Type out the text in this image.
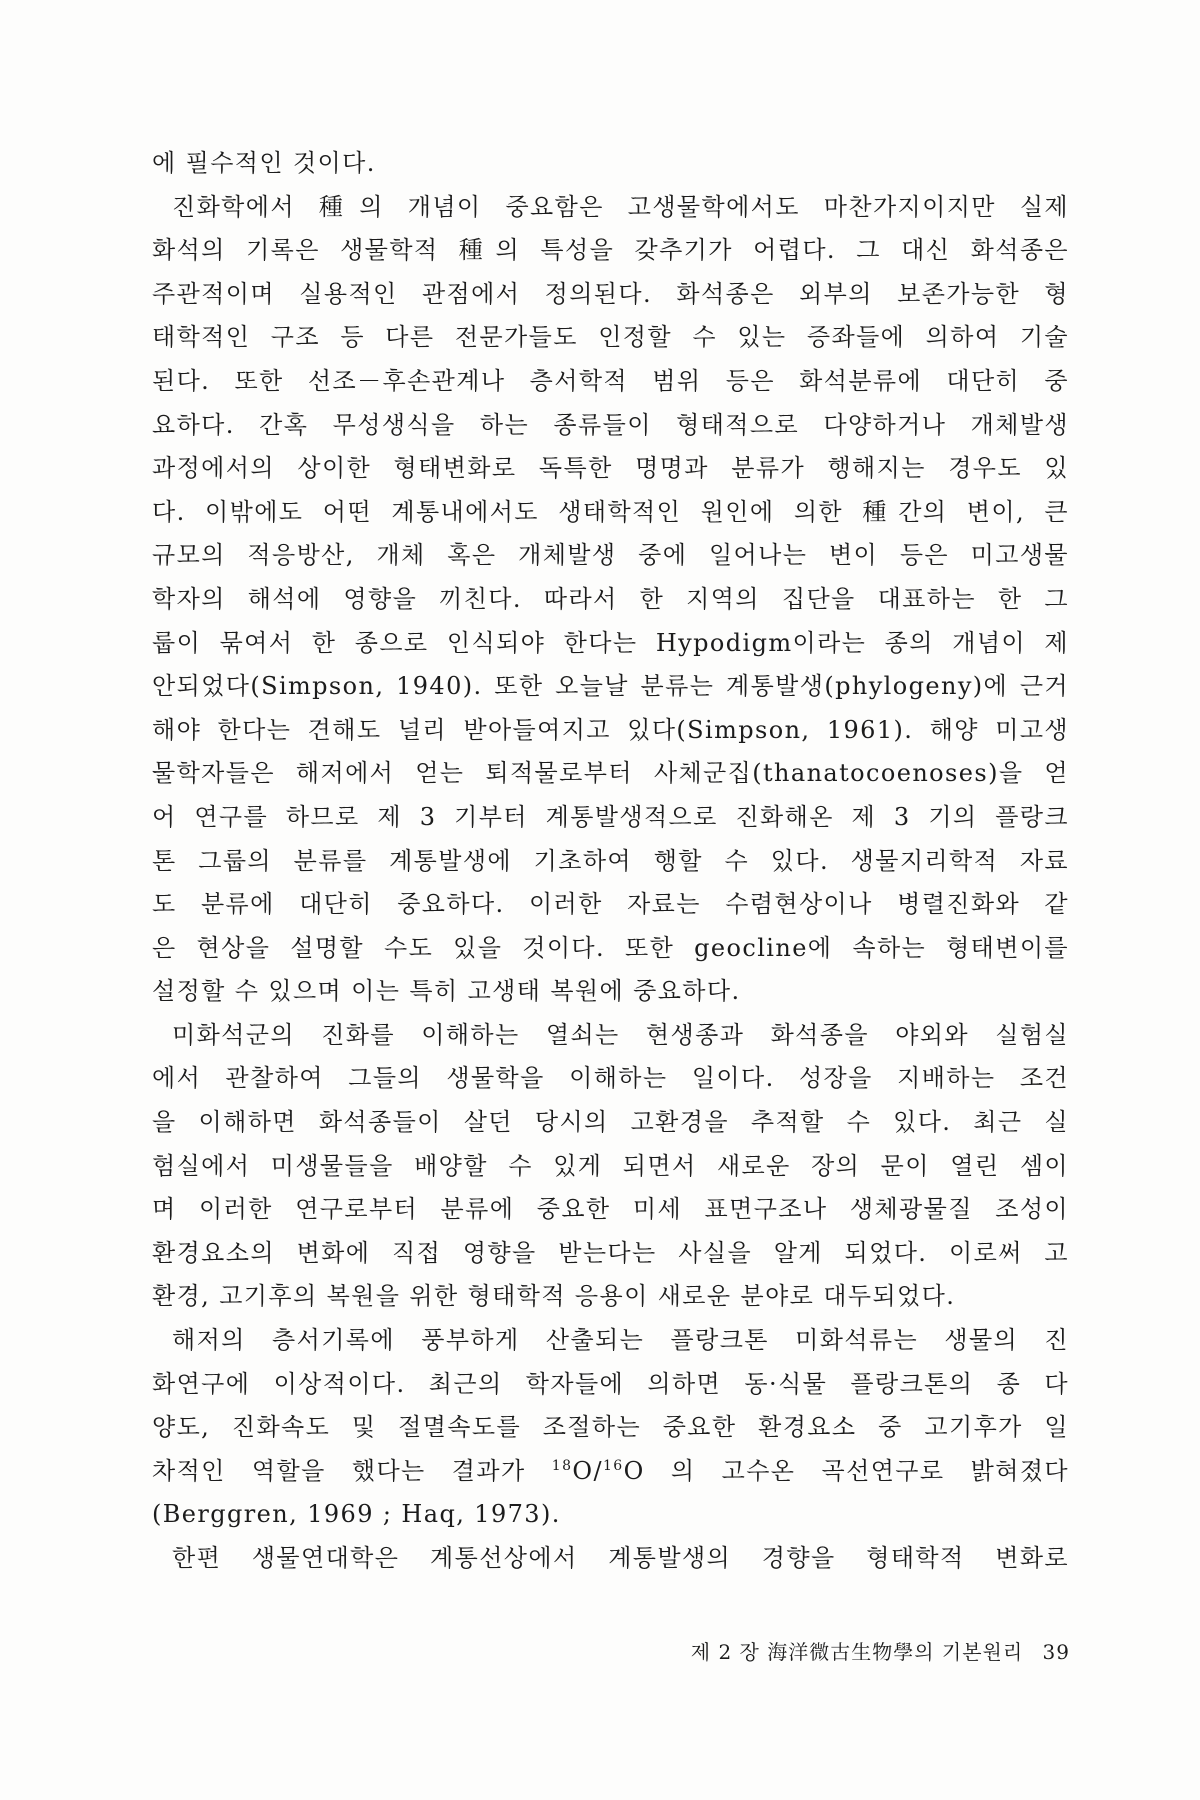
에 필수적인 것이다.
진화학에서 種의 개념이 중요함은 고생물학에서도 마찬가지이지만 실제
화석의 기록은 생물학적 種의 특성을 갖추기가 어렵다. 그 대신 화석종은
주관적이며 실용적인 관점에서 정의된다. 화석종은 외부의 보존가능한 형
태학적인 구조 등 다른 전문가들도 인정할 수 있는 증좌들에 의하여 기술
된다. 또한 선조－후손관계나 층서학적 범위 등은 화석분류에 대단히 중
요하다. 간혹 무성생식을 하는 종류들이 형태적으로 다양하거나 개체발생
과정에서의 상이한 형태변화로 독특한 명명과 분류가 행해지는 경우도 있
다. 이밖에도 어떤 계통내에서도 생태학적인 원인에 의한 種간의 변이, 큰
규모의 적응방산, 개체 혹은 개체발생 중에 일어나는 변이 등은 미고생물
학자의 해석에 영향을 끼친다. 따라서 한 지역의 집단을 대표하는 한 그
룹이 묶여서 한 종으로 인식되야 한다는 Hypodigm이라는 종의 개념이 제
안되었다(Simpson, 1940). 또한 오늘날 분류는 계통발생(phylogeny)에 근거
해야 한다는 견해도 널리 받아들여지고 있다(Simpson, 1961). 해양 미고생
물학자들은 해저에서 얻는 퇴적물로부터 사체군집(thanatocoenoses)을 얻
어 연구를 하므로 제 3 기부터 계통발생적으로 진화해온 제 3 기의 플랑크
톤 그룹의 분류를 계통발생에 기초하여 행할 수 있다. 생물지리학적 자료
도 분류에 대단히 중요하다. 이러한 자료는 수렴현상이나 병렬진화와 같
은 현상을 설명할 수도 있을 것이다. 또한 geocline에 속하는 형태변이를
설정할 수 있으며 이는 특히 고생태 복원에 중요하다.
미화석군의 진화를 이해하는 열쇠는 현생종과 화석종을 야외와 실험실
에서 관찰하여 그들의 생물학을 이해하는 일이다. 성장을 지배하는 조건
을 이해하면 화석종들이 살던 당시의 고환경을 추적할 수 있다. 최근 실
험실에서 미생물들을 배양할 수 있게 되면서 새로운 장의 문이 열린 셈이
며 이러한 연구로부터 분류에 중요한 미세 표면구조나 생체광물질 조성이
환경요소의 변화에 직접 영향을 받는다는 사실을 알게 되었다. 이로써 고
환경, 고기후의 복원을 위한 형태학적 응용이 새로운 분야로 대두되었다.
해저의 층서기록에 풍부하게 산출되는 플랑크톤 미화석류는 생물의 진
화연구에 이상적이다. 최근의 학자들에 의하면 동·식물 플랑크톤의 종 다
양도, 진화속도 및 절멸속도를 조절하는 중요한 환경요소 중 고기후가 일
차적인 역할을 했다는 결과가 $^{18}$O/$^{16}$O 의 고수온 곡선연구로 밝혀졌다
(Berggren, 1969 ; Haq, 1973).
한편 생물연대학은 계통선상에서 계통발생의 경향을 형태학적 변화로
제 2 장 海洋微古生物學의 기본원리 39
